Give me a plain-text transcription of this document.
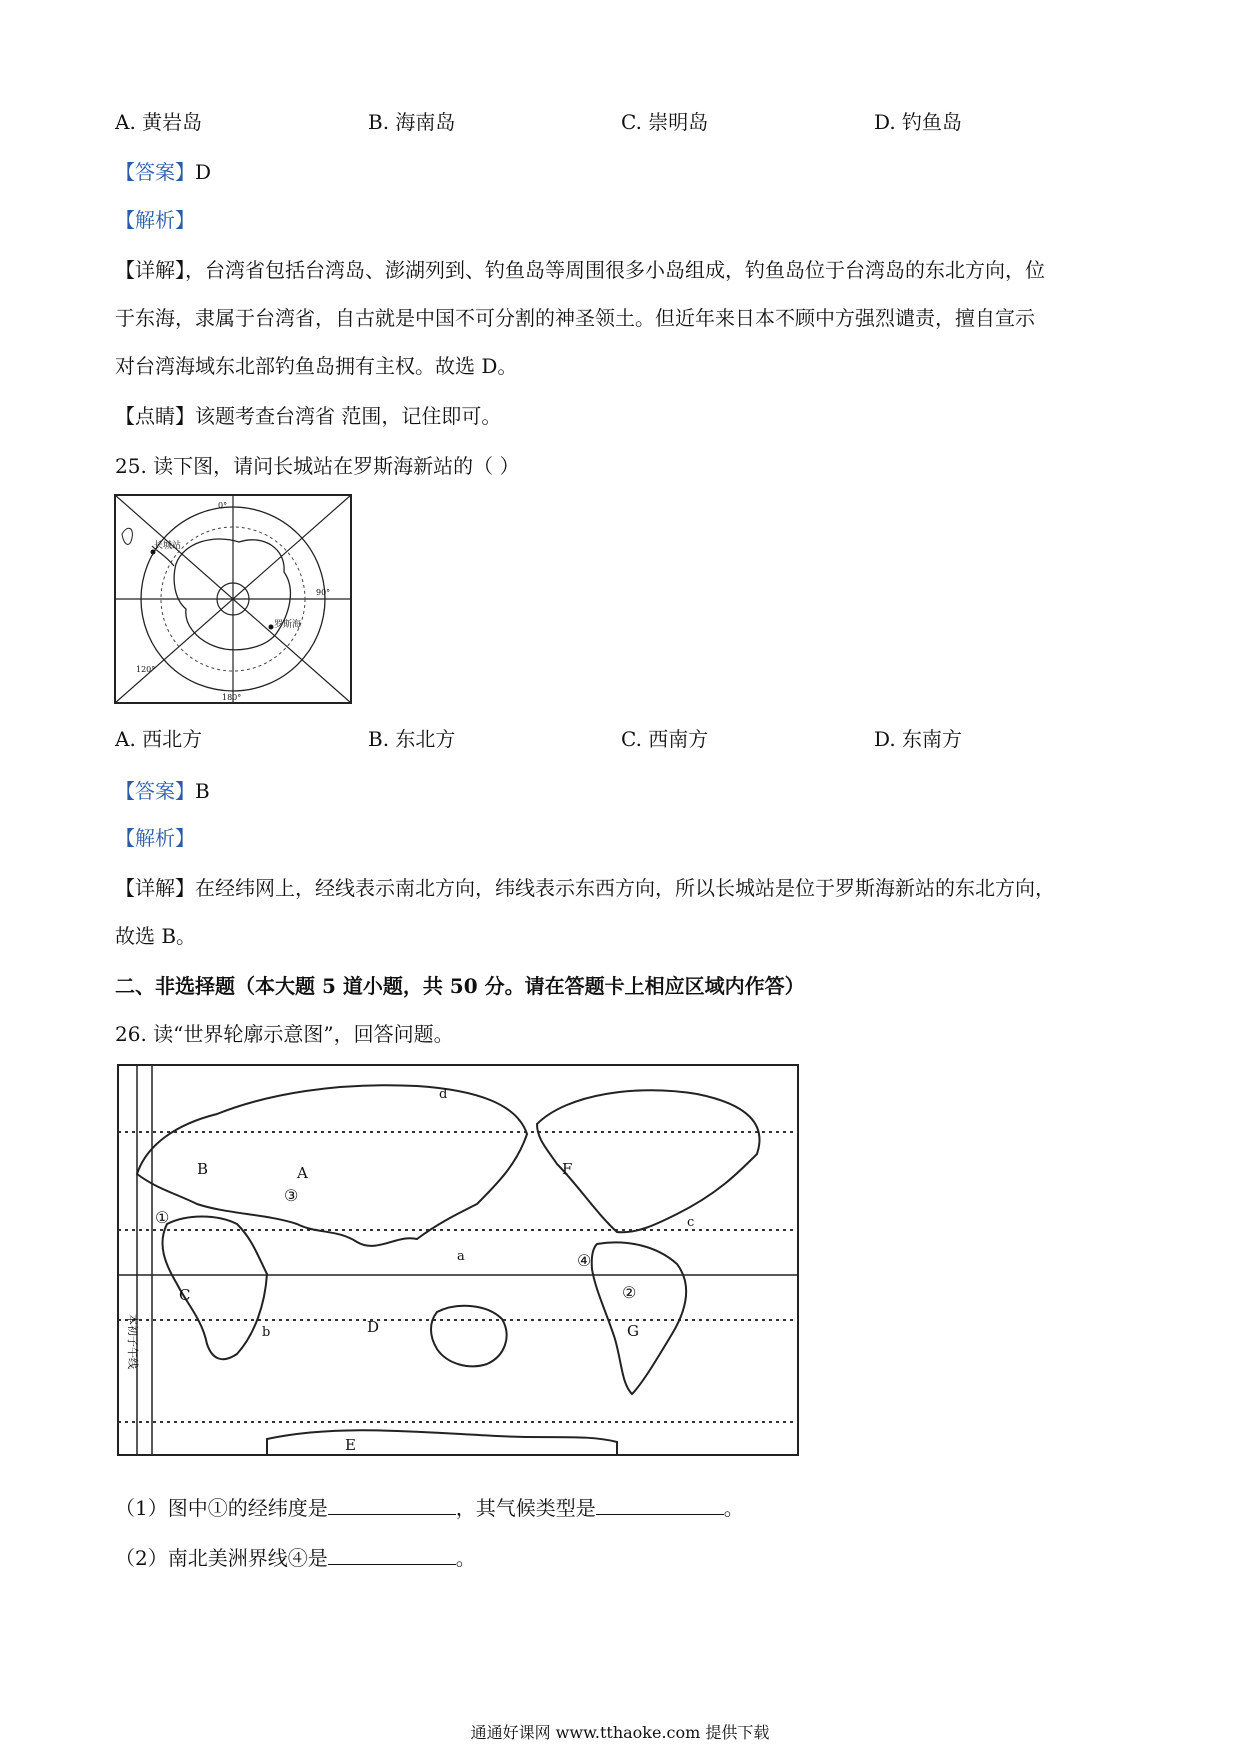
A. 黄岩岛	B. 海南岛	C. 崇明岛	D. 钓鱼岛
【答案】D
【解析】
【详解】，台湾省包括台湾岛、澎湖列到、钓鱼岛等周围很多小岛组成，钓鱼岛位于台湾岛的东北方向，位
于东海，隶属于台湾省，自古就是中国不可分割的神圣领土。但近年来日本不顾中方强烈谴责，擅自宣示
对台湾海域东北部钓鱼岛拥有主权。故选 D。
【点睛】该题考查台湾省 范围，记住即可。
25. 读下图，请问长城站在罗斯海新站的（ ）
长城站
罗斯海
180°
120°
90°
0°
A. 西北方	B. 东北方	C. 西南方	D. 东南方
【答案】B
【解析】
【详解】在经纬网上，经线表示南北方向，纬线表示东西方向，所以长城站是位于罗斯海新站的东北方向，
故选 B。
二、非选择题（本大题 5 道小题，共 50 分。请在答题卡上相应区域内作答）
26. 读“世界轮廓示意图”，回答问题。
A
B
C
D
E
F
G
a
b
c
d
①
②
③
④
本初子午线
（1）图中①的经纬度是	，其气候类型是	。
（2）南北美洲界线④是	。
通通好课网 www.tthaoke.com 提供下载
